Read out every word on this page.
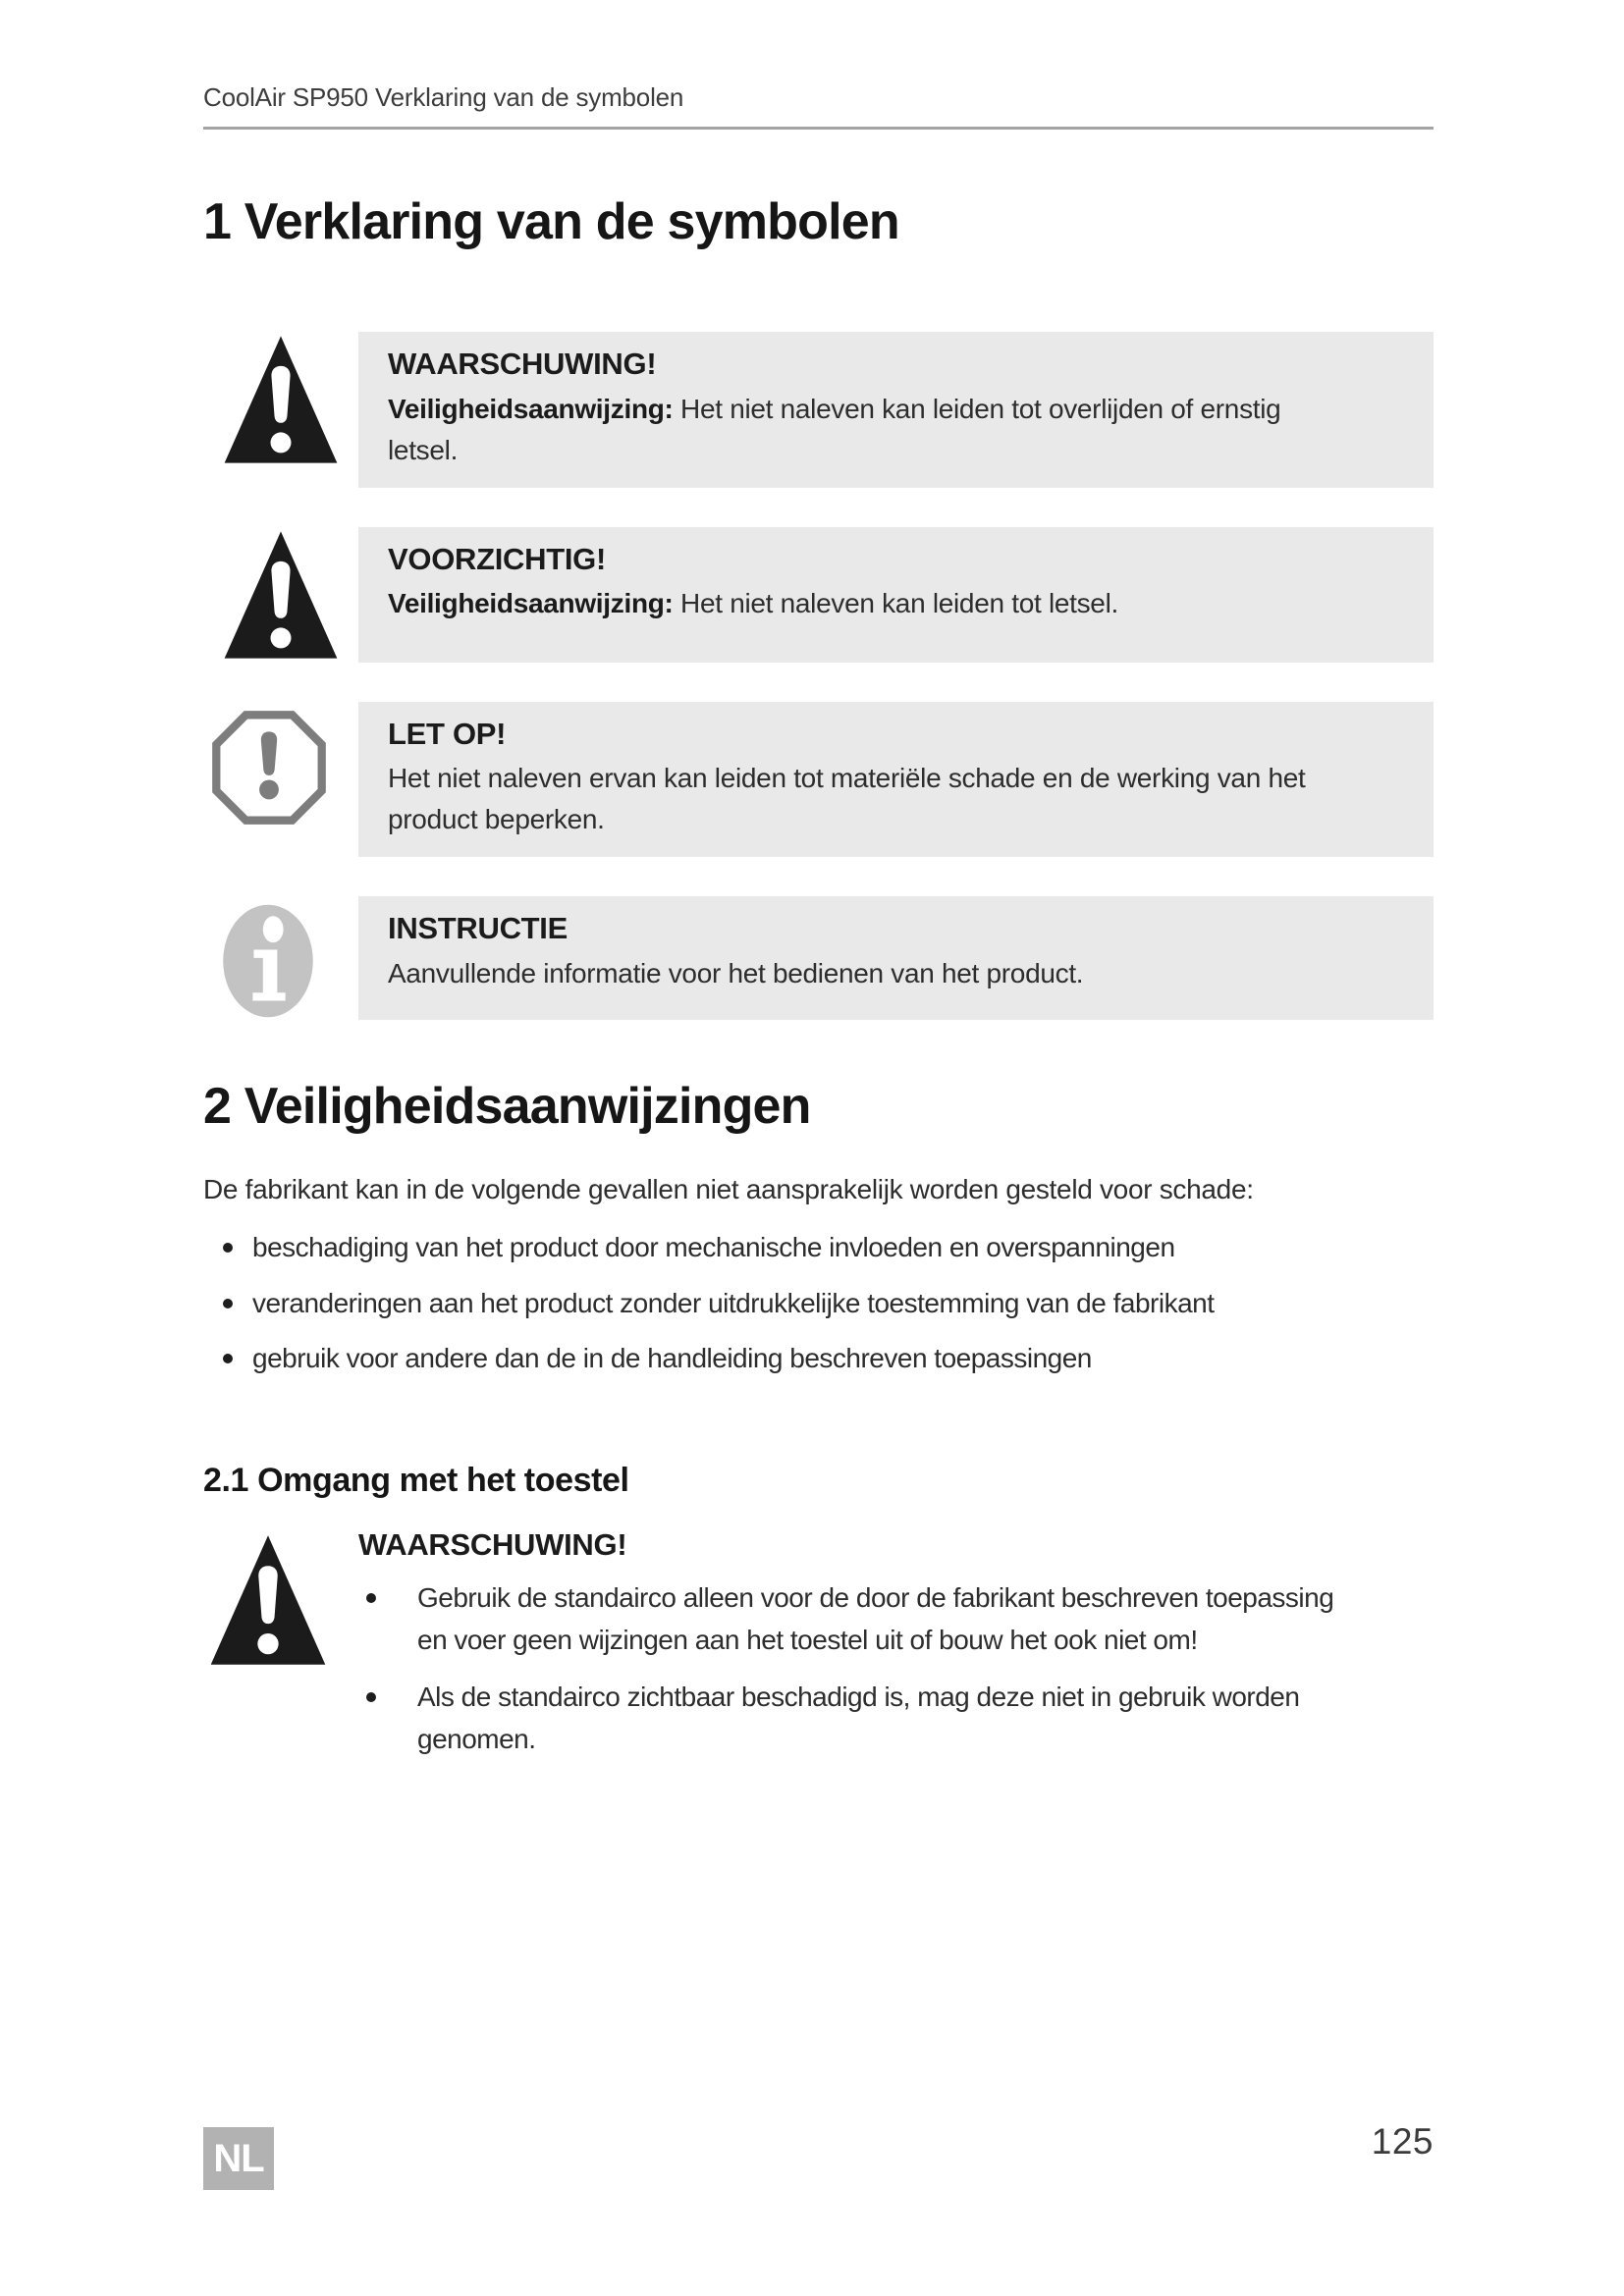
CoolAir SP950 Verklaring van de symbolen
1 Verklaring van de symbolen
WAARSCHUWING!
Veiligheidsaanwijzing: Het niet naleven kan leiden tot overlijden of ernstig letsel.
VOORZICHTIG!
Veiligheidsaanwijzing: Het niet naleven kan leiden tot letsel.
LET OP!
Het niet naleven ervan kan leiden tot materiële schade en de werking van het product beperken.
INSTRUCTIE
Aanvullende informatie voor het bedienen van het product.
2 Veiligheidsaanwijzingen

De fabrikant kan in de volgende gevallen niet aansprakelijk worden gesteld voor schade:

beschadiging van het product door mechanische invloeden en overspanningen
veranderingen aan het product zonder uitdrukkelijke toestemming van de fabrikant
gebruik voor andere dan de in de handleiding beschreven toepassingen
2.1 Omgang met het toestel
WAARSCHUWING!
Gebruik de standairco alleen voor de door de fabrikant beschreven toepassing en voer geen wijzingen aan het toestel uit of bouw het ook niet om!
Als de standairco zichtbaar beschadigd is, mag deze niet in gebruik worden genomen.
NL	125
